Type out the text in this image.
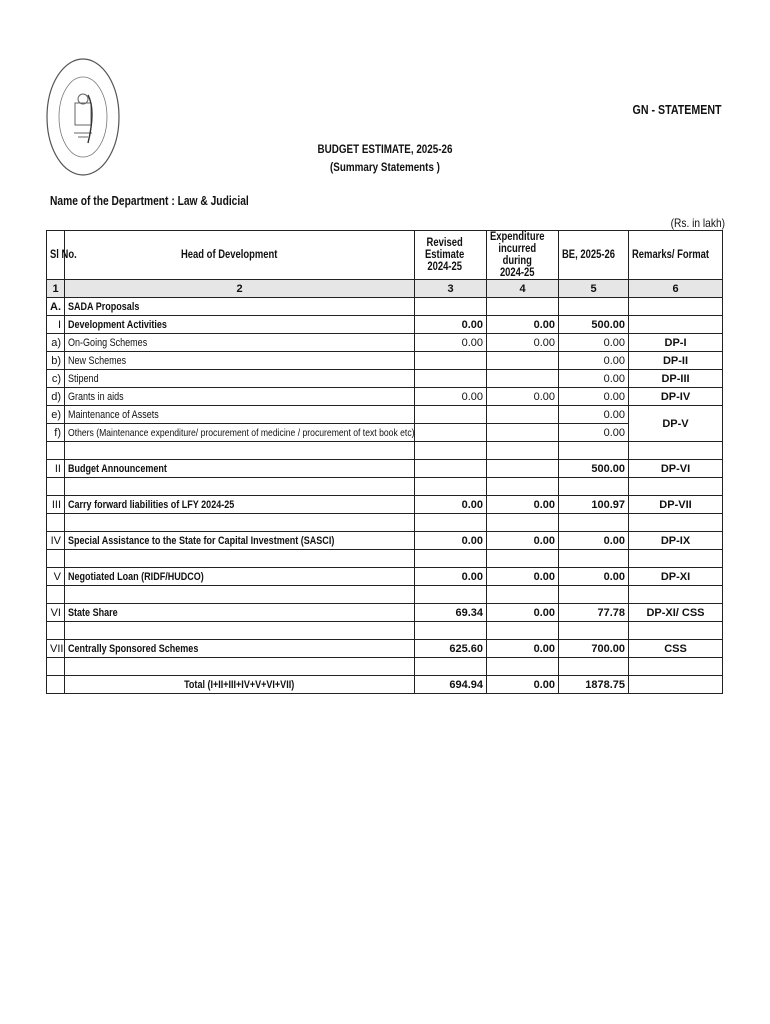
GN - STATEMENT
BUDGET ESTIMATE, 2025-26
(Summary Statements )
Name of the Department : Law & Judicial
(Rs. in lakh)
Sl No.	Head of Development	Revised Estimate 2024-25	Expenditure incurred during 2024-25	BE, 2025-26	Remarks/ Format
1	2	3	4	5	6
A.	SADA Proposals				
I	Development Activities	0.00	0.00	500.00	
a)	On-Going Schemes	0.00	0.00	0.00	DP-I
b)	New Schemes			0.00	DP-II
c)	Stipend			0.00	DP-III
d)	Grants in aids	0.00	0.00	0.00	DP-IV
e)	Maintenance of Assets			0.00	DP-V
f)	Others (Maintenance expenditure/ procurement of medicine / procurement of text book etc)			0.00	

II	Budget Announcement			500.00	DP-VI

III	Carry forward liabilities of LFY 2024-25	0.00	0.00	100.97	DP-VII

IV	Special Assistance to the State for Capital Investment (SASCI)	0.00	0.00	0.00	DP-IX

V	Negotiated Loan (RIDF/HUDCO)	0.00	0.00	0.00	DP-XI

VI	State Share	69.34	0.00	77.78	DP-XI/ CSS

VII	Centrally Sponsored Schemes	625.60	0.00	700.00	CSS

	Total (I+II+III+IV+V+VI+VII)	694.94	0.00	1878.75	
